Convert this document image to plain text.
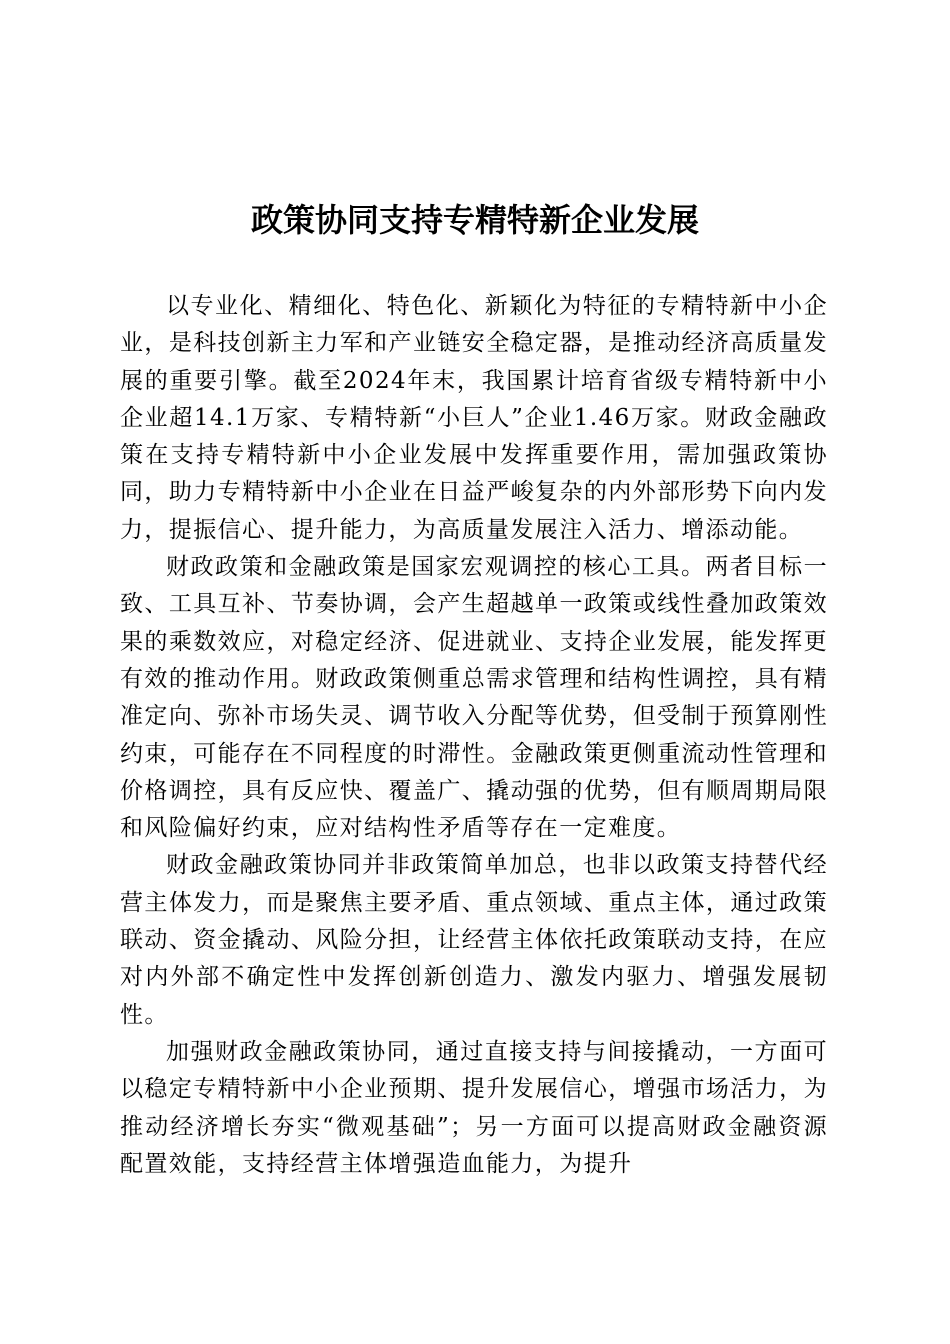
政策协同支持专精特新企业发展

以专业化、精细化、特色化、新颖化为特征的专精特新中小企业，是科技创新主力军和产业链安全稳定器，是推动经济高质量发展的重要引擎。截至2024年末，我国累计培育省级专精特新中小企业超14.1万家、专精特新“小巨人”企业1.46万家。财政金融政策在支持专精特新中小企业发展中发挥重要作用，需加强政策协同，助力专精特新中小企业在日益严峻复杂的内外部形势下向内发力，提振信心、提升能力，为高质量发展注入活力、增添动能。

财政政策和金融政策是国家宏观调控的核心工具。两者目标一致、工具互补、节奏协调，会产生超越单一政策或线性叠加政策效果的乘数效应，对稳定经济、促进就业、支持企业发展，能发挥更有效的推动作用。财政政策侧重总需求管理和结构性调控，具有精准定向、弥补市场失灵、调节收入分配等优势，但受制于预算刚性约束，可能存在不同程度的时滞性。金融政策更侧重流动性管理和价格调控，具有反应快、覆盖广、撬动强的优势，但有顺周期局限和风险偏好约束，应对结构性矛盾等存在一定难度。

财政金融政策协同并非政策简单加总，也非以政策支持替代经营主体发力，而是聚焦主要矛盾、重点领域、重点主体，通过政策联动、资金撬动、风险分担，让经营主体依托政策联动支持，在应对内外部不确定性中发挥创新创造力、激发内驱力、增强发展韧性。

加强财政金融政策协同，通过直接支持与间接撬动，一方面可以稳定专精特新中小企业预期、提升发展信心，增强市场活力，为推动经济增长夯实“微观基础”；另一方面可以提高财政金融资源配置效能，支持经营主体增强造血能力，为提升
